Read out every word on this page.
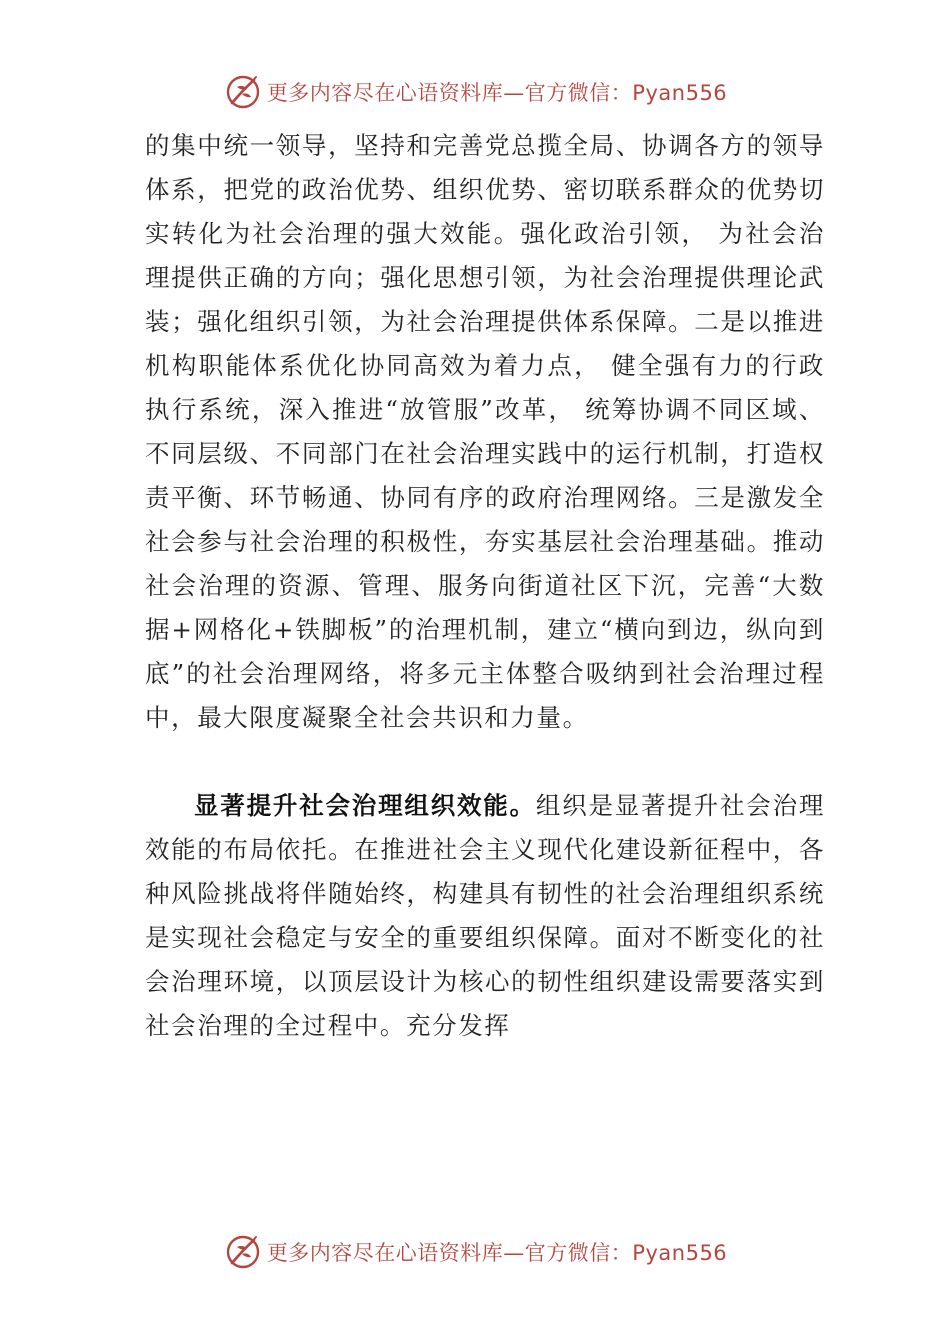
更多内容尽在心语资料库—官方微信：Pyan556

的集中统一领导，坚持和完善党总揽全局、协调各方的领导体系，把党的政治优势、组织优势、密切联系群众的优势切实转化为社会治理的强大效能。强化政治引领， 为社会治理提供正确的方向；强化思想引领，为社会治理提供理论武装；强化组织引领，为社会治理提供体系保障。二是以推进机构职能体系优化协同高效为着力点， 健全强有力的行政执行系统，深入推进“放管服”改革， 统筹协调不同区域、不同层级、不同部门在社会治理实践中的运行机制，打造权责平衡、环节畅通、协同有序的政府治理网络。三是激发全社会参与社会治理的积极性，夯实基层社会治理基础。推动社会治理的资源、管理、服务向街道社区下沉，完善“大数据+网格化+铁脚板”的治理机制，建立“横向到边，纵向到底”的社会治理网络，将多元主体整合吸纳到社会治理过程中，最大限度凝聚全社会共识和力量。

显著提升社会治理组织效能。组织是显著提升社会治理效能的布局依托。在推进社会主义现代化建设新征程中，各种风险挑战将伴随始终，构建具有韧性的社会治理组织系统是实现社会稳定与安全的重要组织保障。面对不断变化的社会治理环境，以顶层设计为核心的韧性组织建设需要落实到社会治理的全过程中。充分发挥

更多内容尽在心语资料库—官方微信：Pyan556
